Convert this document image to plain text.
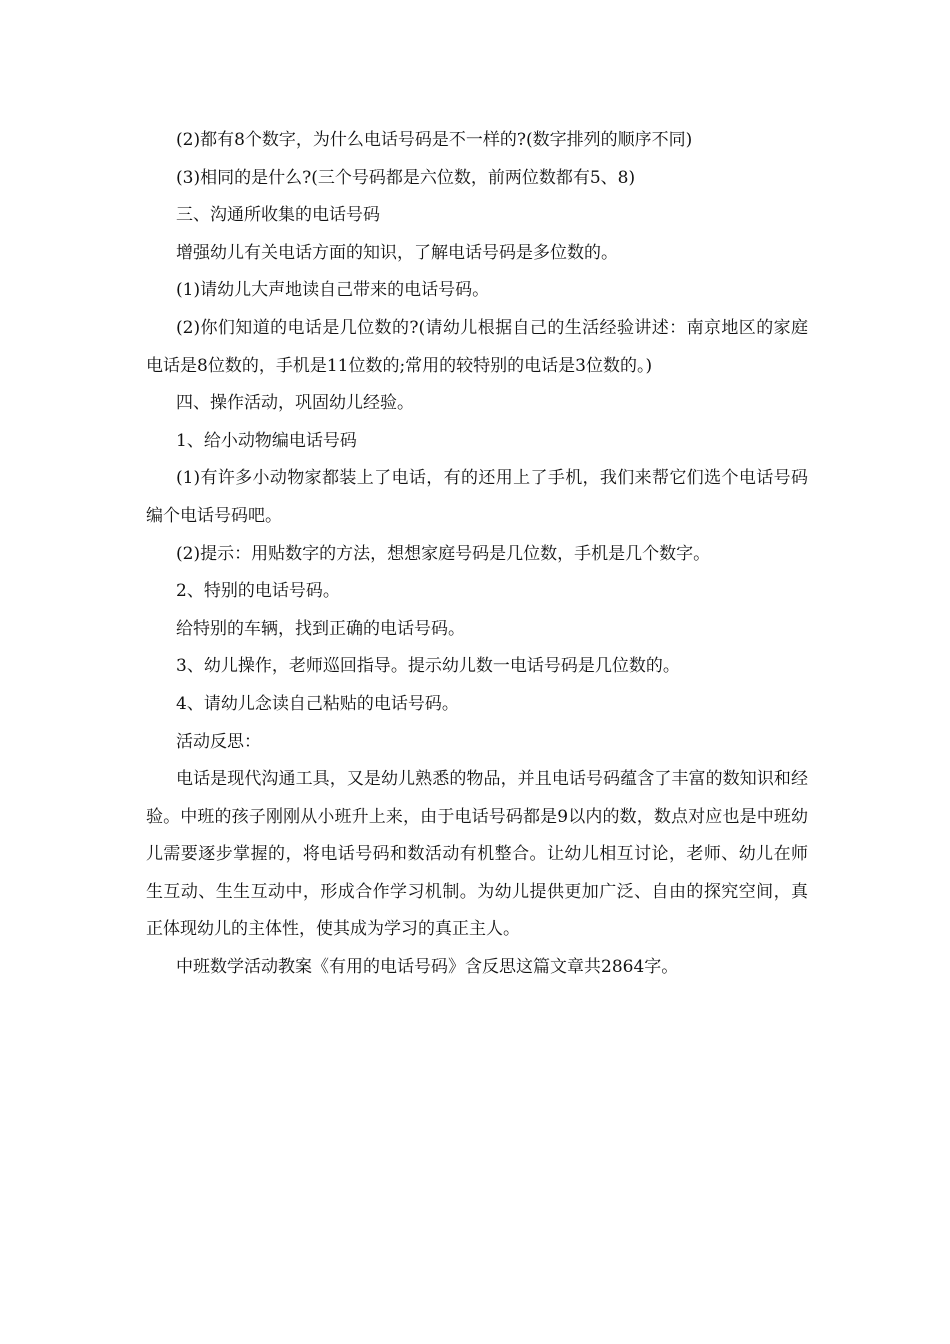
(2)都有8个数字，为什么电话号码是不一样的?(数字排列的顺序不同)

(3)相同的是什么?(三个号码都是六位数，前两位数都有5、8)

三、沟通所收集的电话号码

增强幼儿有关电话方面的知识，了解电话号码是多位数的。

(1)请幼儿大声地读自己带来的电话号码。

(2)你们知道的电话是几位数的?(请幼儿根据自己的生活经验讲述：南京地区的家庭电话是8位数的，手机是11位数的;常用的较特别的电话是3位数的。)

四、操作活动，巩固幼儿经验。

1、给小动物编电话号码

(1)有许多小动物家都装上了电话，有的还用上了手机，我们来帮它们选个电话号码编个电话号码吧。

(2)提示：用贴数字的方法，想想家庭号码是几位数，手机是几个数字。

2、特别的电话号码。

给特别的车辆，找到正确的电话号码。

3、幼儿操作，老师巡回指导。提示幼儿数一电话号码是几位数的。

4、请幼儿念读自己粘贴的电话号码。

活动反思：

电话是现代沟通工具，又是幼儿熟悉的物品，并且电话号码蕴含了丰富的数知识和经验。中班的孩子刚刚从小班升上来，由于电话号码都是9以内的数，数点对应也是中班幼儿需要逐步掌握的，将电话号码和数活动有机整合。让幼儿相互讨论，老师、幼儿在师生互动、生生互动中，形成合作学习机制。为幼儿提供更加广泛、自由的探究空间，真正体现幼儿的主体性，使其成为学习的真正主人。

中班数学活动教案《有用的电话号码》含反思这篇文章共2864字。
